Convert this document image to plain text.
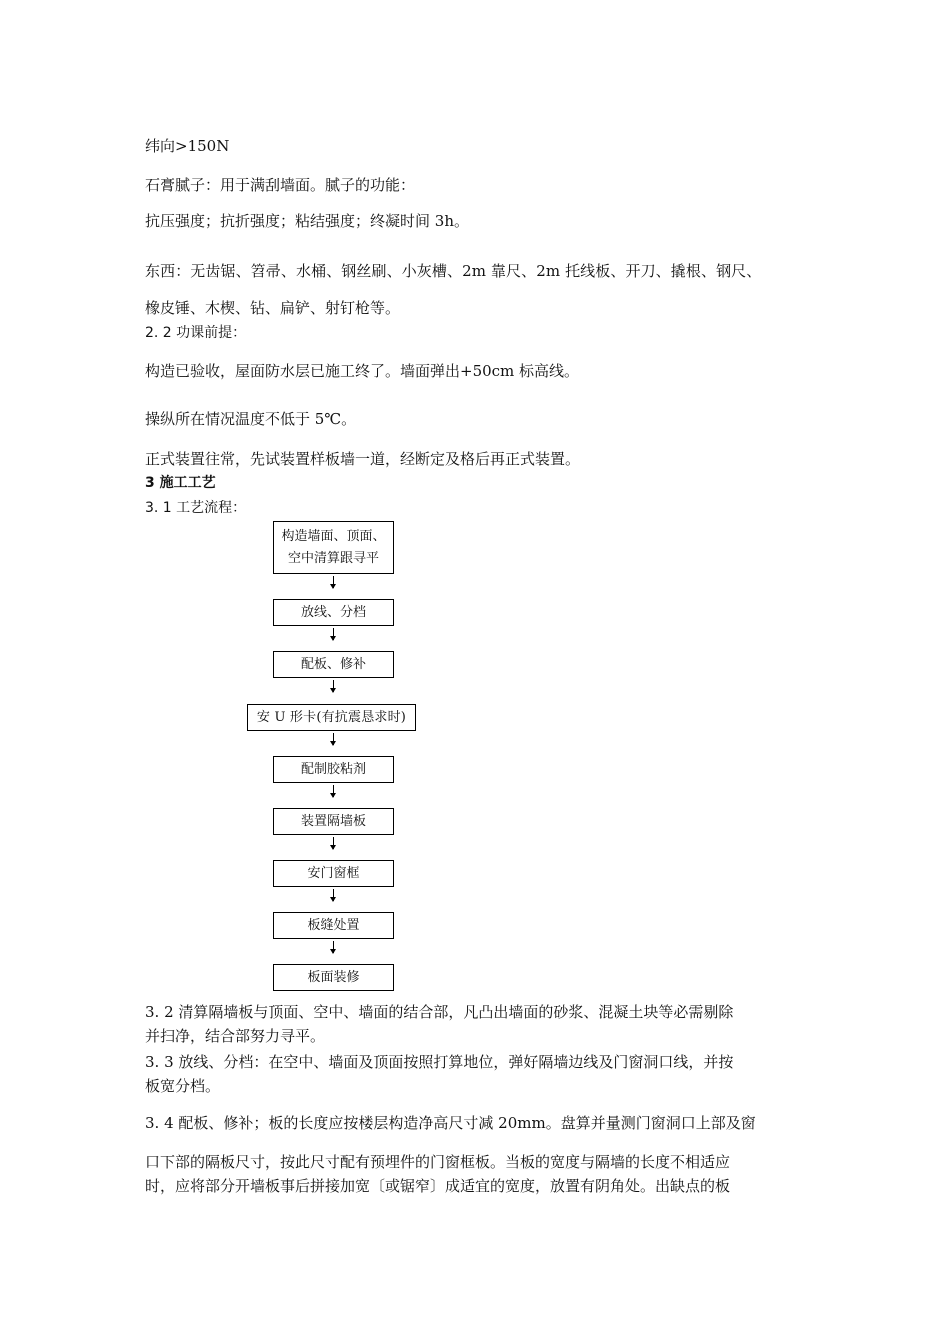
纬向>150N
石膏腻子：用于满刮墙面。腻子的功能：
抗压强度；抗折强度；粘结强度；终凝时间 3h。
东西：无齿锯、笤帚、水桶、钢丝刷、小灰槽、2m 靠尺、2m 托线板、开刀、撬根、钢尺、
橡皮锤、木楔、钻、扁铲、射钉枪等。
2. 2 功课前提：
构造已验收，屋面防水层已施工终了。墙面弹出+50cm 标高线。
操纵所在情况温度不低于 5℃。
正式装置往常，先试装置样板墙一道，经断定及格后再正式装置。
3 施工工艺
3. 1 工艺流程：
构造墙面、顶面、
空中清算跟寻平
放线、分档
配板、修补
安 U 形卡(有抗震恳求时)
配制胶粘剂
装置隔墙板
安门窗框
板缝处置
板面装修
3. 2 清算隔墙板与顶面、空中、墙面的结合部，凡凸出墙面的砂浆、混凝土块等必需剔除
并扫净，结合部努力寻平。
3. 3 放线、分档：在空中、墙面及顶面按照打算地位，弹好隔墙边线及门窗洞口线，并按
板宽分档。
3. 4 配板、修补；板的长度应按楼层构造净高尺寸减 20mm。盘算并量测门窗洞口上部及窗
口下部的隔板尺寸，按此尺寸配有预埋件的门窗框板。当板的宽度与隔墙的长度不相适应
时，应将部分开墙板事后拼接加宽〔或锯窄〕成适宜的宽度，放置有阴角处。出缺点的板
